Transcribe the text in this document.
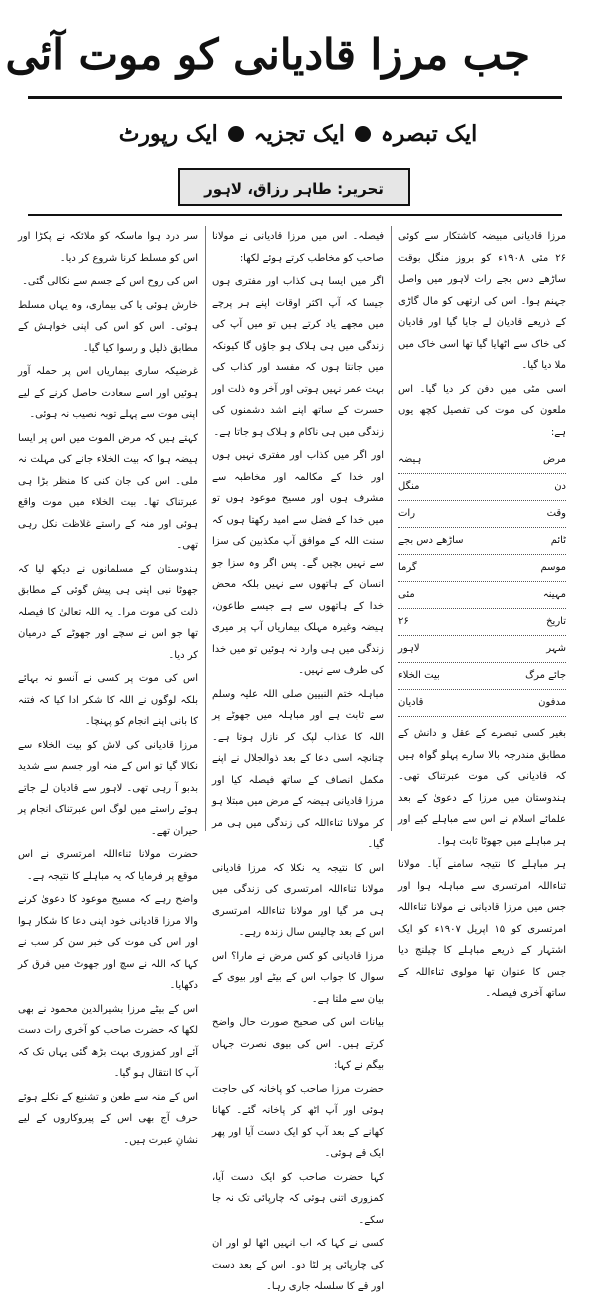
جب مرزا قادیانی کو موت آئی
ایک رپورٹ ایک تجزیہ ایک تبصرہ
تحریر: طاہر رزاق، لاہور

مرزا قادیانی مبیضہ کاشتکار سے کوئی ۲۶ مئی ۱۹۰۸ء کو بروز منگل بوقت ساڑھے دس بجے رات لاہور میں واصل جہنم ہوا۔ اس کی ارتھی کو مال گاڑی کے ذریعے قادیان لے جایا گیا اور قادیان کی خاک سے اٹھایا گیا تھا اسی خاک میں ملا دیا گیا۔

اسی مٹی میں دفن کر دیا گیا۔ اس ملعون کی موت کی تفصیل کچھ یوں ہے:

مرض
ہیضہ
دن
منگل
وقت
رات
ٹائم
ساڑھے دس بجے
موسم
گرما
مہینہ
مئی
تاریخ
۲۶
شہر
لاہور
جائے مرگ
بیت الخلاء
مدفون
قادیان

بغیر کسی تبصرے کے عقل و دانش کے مطابق مندرجہ بالا سارے پہلو گواہ ہیں کہ قادیانی کی موت عبرتناک تھی۔ ہندوستان میں مرزا کے دعویٰ کے بعد علمائے اسلام نے اس سے مباہلے کیے اور ہر مباہلے میں جھوٹا ثابت ہوا۔

ہر مباہلے کا نتیجہ سامنے آیا۔ مولانا ثناءاللہ امرتسری سے مباہلہ ہوا اور جس میں مرزا قادیانی نے مولانا ثناءاللہ امرتسری کو ۱۵ اپریل ۱۹۰۷ء کو ایک اشتہار کے ذریعے مباہلے کا چیلنج دیا جس کا عنوان تھا مولوی ثناءاللہ کے ساتھ آخری فیصلہ۔

فیصلہ۔ اس میں مرزا قادیانی نے مولانا صاحب کو مخاطب کرتے ہوئے لکھا:

اگر میں ایسا ہی کذاب اور مفتری ہوں جیسا کہ آپ اکثر اوقات اپنے ہر پرچے میں مجھے یاد کرتے ہیں تو میں آپ کی زندگی میں ہی ہلاک ہو جاؤں گا کیونکہ میں جانتا ہوں کہ مفسد اور کذاب کی بہت عمر نہیں ہوتی اور آخر وہ ذلت اور حسرت کے ساتھ اپنے اشد دشمنوں کی زندگی میں ہی ناکام و ہلاک ہو جاتا ہے۔

اور اگر میں کذاب اور مفتری نہیں ہوں اور خدا کے مکالمہ اور مخاطبہ سے مشرف ہوں اور مسیح موعود ہوں تو میں خدا کے فضل سے امید رکھتا ہوں کہ سنت اللہ کے موافق آپ مکذبین کی سزا سے نہیں بچیں گے۔ پس اگر وہ سزا جو انسان کے ہاتھوں سے نہیں بلکہ محض خدا کے ہاتھوں سے ہے جیسے طاعون، ہیضہ وغیرہ مہلک بیماریاں آپ پر میری زندگی میں ہی وارد نہ ہوئیں تو میں خدا کی طرف سے نہیں۔

مباہلہ ختم النبیین صلی اللہ علیہ وسلم سے ثابت ہے اور مباہلہ میں جھوٹے پر اللہ کا عذاب لپک کر نازل ہوتا ہے۔ چنانچہ اسی دعا کے بعد ذوالجلال نے اپنے مکمل انصاف کے ساتھ فیصلہ کیا اور مرزا قادیانی ہیضہ کے مرض میں مبتلا ہو کر مولانا ثناءاللہ کی زندگی میں ہی مر گیا۔

اس کا نتیجہ یہ نکلا کہ مرزا قادیانی مولانا ثناءاللہ امرتسری کی زندگی میں ہی مر گیا اور مولانا ثناءاللہ امرتسری اس کے بعد چالیس سال زندہ رہے۔

مرزا قادیانی کو کس مرض نے مارا؟ اس سوال کا جواب اس کے بیٹے اور بیوی کے بیان سے ملتا ہے۔

بیانات اس کی صحیح صورت حال واضح کرتے ہیں۔ اس کی بیوی نصرت جہاں بیگم نے کہا:

حضرت مرزا صاحب کو پاخانہ کی حاجت ہوئی اور آپ اٹھ کر پاخانہ گئے۔ کھانا کھانے کے بعد آپ کو ایک دست آیا اور پھر ایک قے ہوئی۔

کہا حضرت صاحب کو ایک دست آیا، کمزوری اتنی ہوئی کہ چارپائی تک نہ جا سکے۔

کسی نے کہا کہ اب انہیں اٹھا لو اور ان کی چارپائی پر لٹا دو۔ اس کے بعد دست اور قے کا سلسلہ جاری رہا۔

سر درد ہوا ماسکہ کو ملائکہ نے پکڑا اور اس کو مسلط کرنا شروع کر دیا۔

اس کی روح اس کے جسم سے نکالی گئی۔

خارش ہوئی یا کی بیماری، وہ یہاں مسلط ہوئی۔ اس کو اس کی اپنی خواہش کے مطابق ذلیل و رسوا کیا گیا۔

غرضیکہ ساری بیماریاں اس پر حملہ آور ہوئیں اور اسے سعادت حاصل کرنے کے لیے اپنی موت سے پہلے توبہ نصیب نہ ہوئی۔

کہتے ہیں کہ مرض الموت میں اس پر ایسا ہیضہ ہوا کہ بیت الخلاء جانے کی مہلت نہ ملی۔ اس کی جان کنی کا منظر بڑا ہی عبرتناک تھا۔ بیت الخلاء میں موت واقع ہوئی اور منہ کے راستے غلاظت نکل رہی تھی۔

ہندوستان کے مسلمانوں نے دیکھ لیا کہ جھوٹا نبی اپنی ہی پیش گوئی کے مطابق ذلت کی موت مرا۔ یہ اللہ تعالیٰ کا فیصلہ تھا جو اس نے سچے اور جھوٹے کے درمیان کر دیا۔

اس کی موت پر کسی نے آنسو نہ بہائے بلکہ لوگوں نے اللہ کا شکر ادا کیا کہ فتنہ کا بانی اپنے انجام کو پہنچا۔

مرزا قادیانی کی لاش کو بیت الخلاء سے نکالا گیا تو اس کے منہ اور جسم سے شدید بدبو آ رہی تھی۔ لاہور سے قادیان لے جاتے ہوئے راستے میں لوگ اس عبرتناک انجام پر حیران تھے۔

حضرت مولانا ثناءاللہ امرتسری نے اس موقع پر فرمایا کہ یہ مباہلے کا نتیجہ ہے۔

واضح رہے کہ مسیح موعود کا دعویٰ کرنے والا مرزا قادیانی خود اپنی دعا کا شکار ہوا اور اس کی موت کی خبر سن کر سب نے کہا کہ اللہ نے سچ اور جھوٹ میں فرق کر دکھایا۔

اس کے بیٹے مرزا بشیرالدین محمود نے بھی لکھا کہ حضرت صاحب کو آخری رات دست آئے اور کمزوری بہت بڑھ گئی یہاں تک کہ آپ کا انتقال ہو گیا۔

اس کے منہ سے طعن و تشنیع کے نکلے ہوئے حرف آج بھی اس کے پیروکاروں کے لیے نشانِ عبرت ہیں۔
